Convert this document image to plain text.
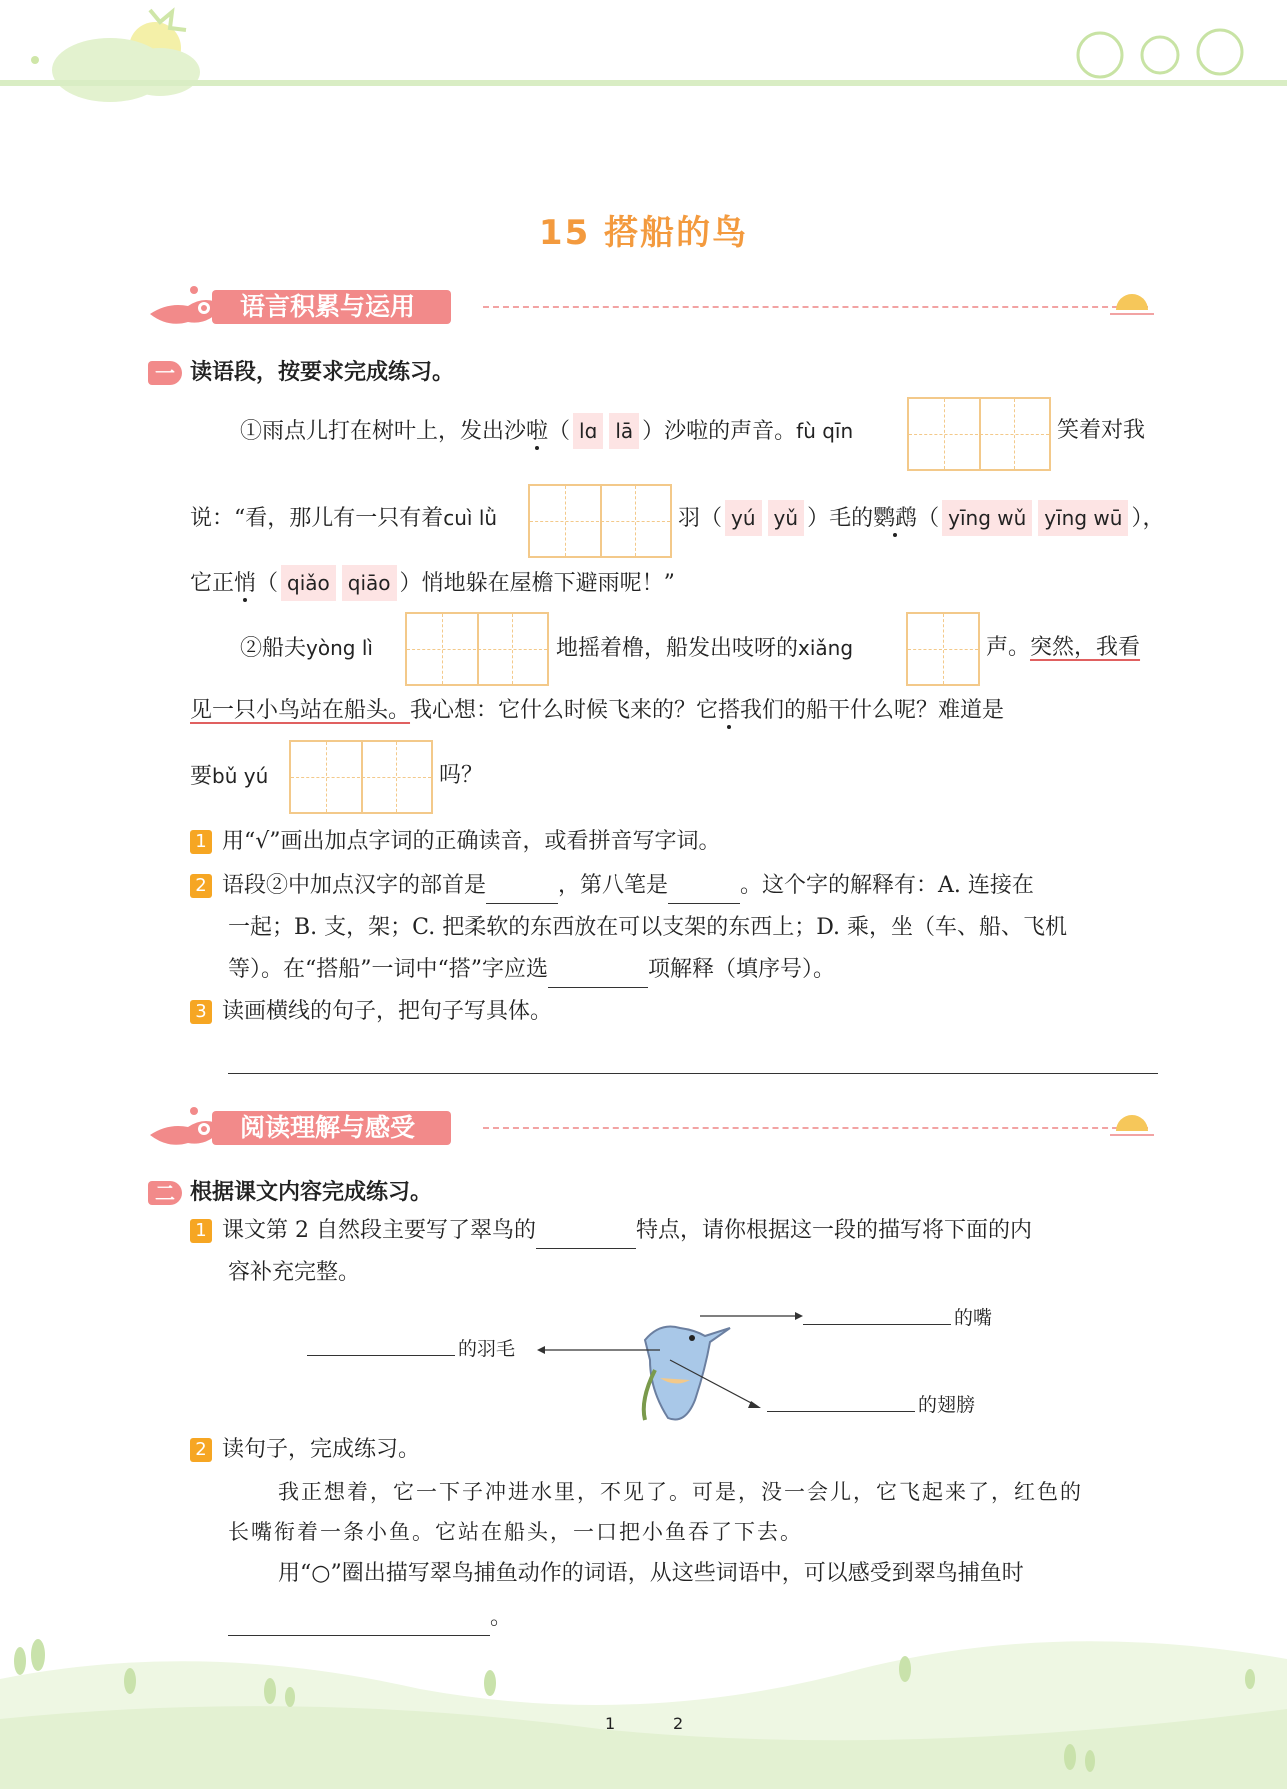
15 搭船的鸟
语言积累与运用
一 读语段，按要求完成练习。
①雨点儿打在树叶上，发出沙啦（ lɑ lā ）沙啦的声音。fù qīn	笑着对我
说：“看，那儿有一只有着cuì lǜ	羽（ yú yǔ ）毛的鹦鹉（ yīng wǔ yīng wū ），
它正悄（ qiǎo qiāo ）悄地躲在屋檐下避雨呢！”
②船夫yòng lì	地摇着橹，船发出吱呀的xiǎng	声。突然，我看
见一只小鸟站在船头。我心想：它什么时候飞来的？它搭我们的船干什么呢？难道是
要bǔ yú	吗？
1 用“√”画出加点字词的正确读音，或看拼音写字词。
2 语段②中加点汉字的部首是	，第八笔是	。这个字的解释有：A. 连接在
一起；B. 支，架；C. 把柔软的东西放在可以支架的东西上；D. 乘，坐（车、船、飞机
等）。在“搭船”一词中“搭”字应选	项解释（填序号）。
3 读画横线的句子，把句子写具体。
阅读理解与感受
二 根据课文内容完成练习。
1 课文第 2 自然段主要写了翠鸟的	特点，请你根据这一段的描写将下面的内
容补充完整。
的羽毛
的嘴
的翅膀
2 读句子，完成练习。
我正想着，它一下子冲进水里，不见了。可是，没一会儿，它飞起来了，红色的
长嘴衔着一条小鱼。它站在船头，一口把小鱼吞了下去。
用“○”圈出描写翠鸟捕鱼动作的词语，从这些词语中，可以感受到翠鸟捕鱼时
。
1	2
